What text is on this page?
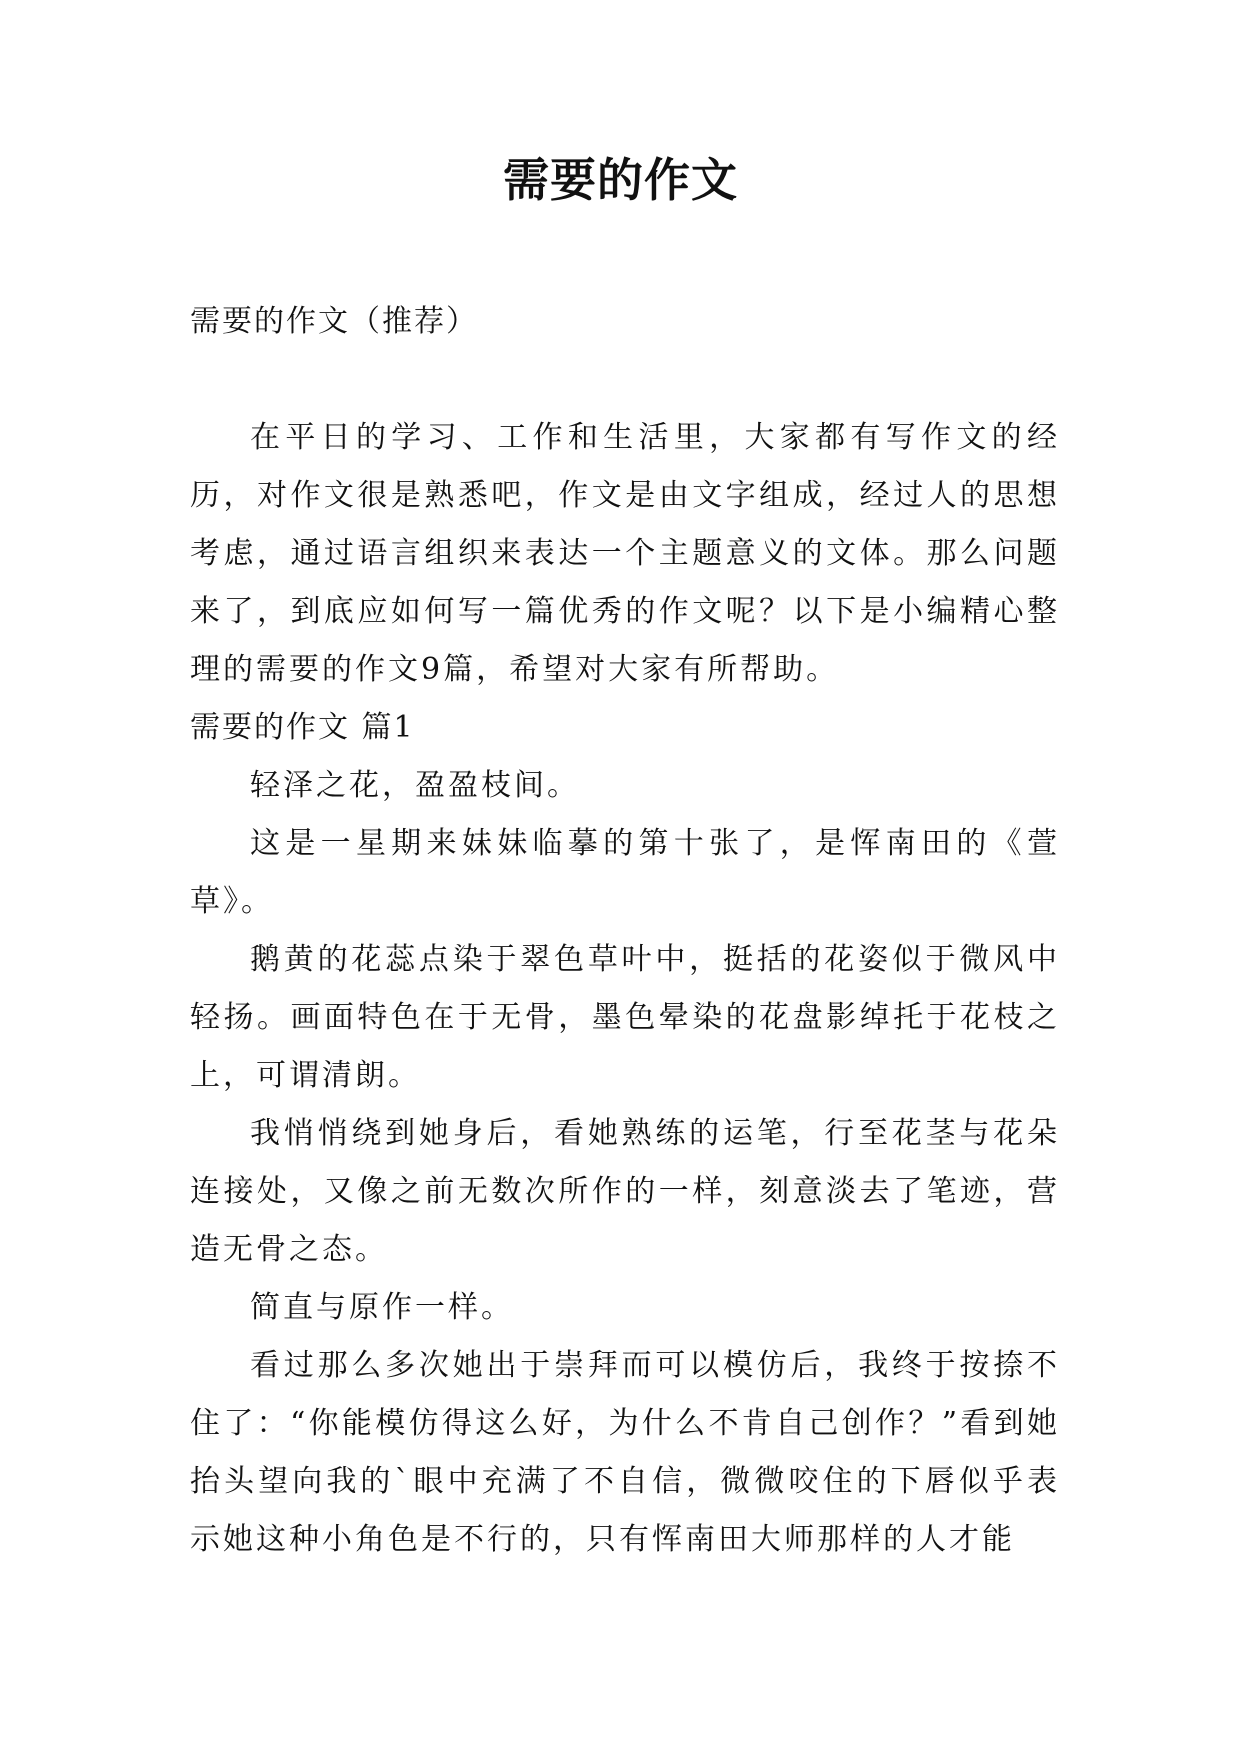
需要的作文

需要的作文（推荐）

在平日的学习、工作和生活里，大家都有写作文的经历，对作文很是熟悉吧，作文是由文字组成，经过人的思想考虑，通过语言组织来表达一个主题意义的文体。那么问题来了，到底应如何写一篇优秀的作文呢？以下是小编精心整理的需要的作文9篇，希望对大家有所帮助。

需要的作文 篇1

轻泽之花，盈盈枝间。

这是一星期来妹妹临摹的第十张了，是恽南田的《萱草》。

鹅黄的花蕊点染于翠色草叶中，挺括的花姿似于微风中轻扬。画面特色在于无骨，墨色晕染的花盘影绰托于花枝之上，可谓清朗。

我悄悄绕到她身后，看她熟练的运笔，行至花茎与花朵连接处，又像之前无数次所作的一样，刻意淡去了笔迹，营造无骨之态。

简直与原作一样。

看过那么多次她出于崇拜而可以模仿后，我终于按捺不住了：“你能模仿得这么好，为什么不肯自己创作？”看到她抬头望向我的`眼中充满了不自信，微微咬住的下唇似乎表示她这种小角色是不行的，只有恽南田大师那样的人才能
